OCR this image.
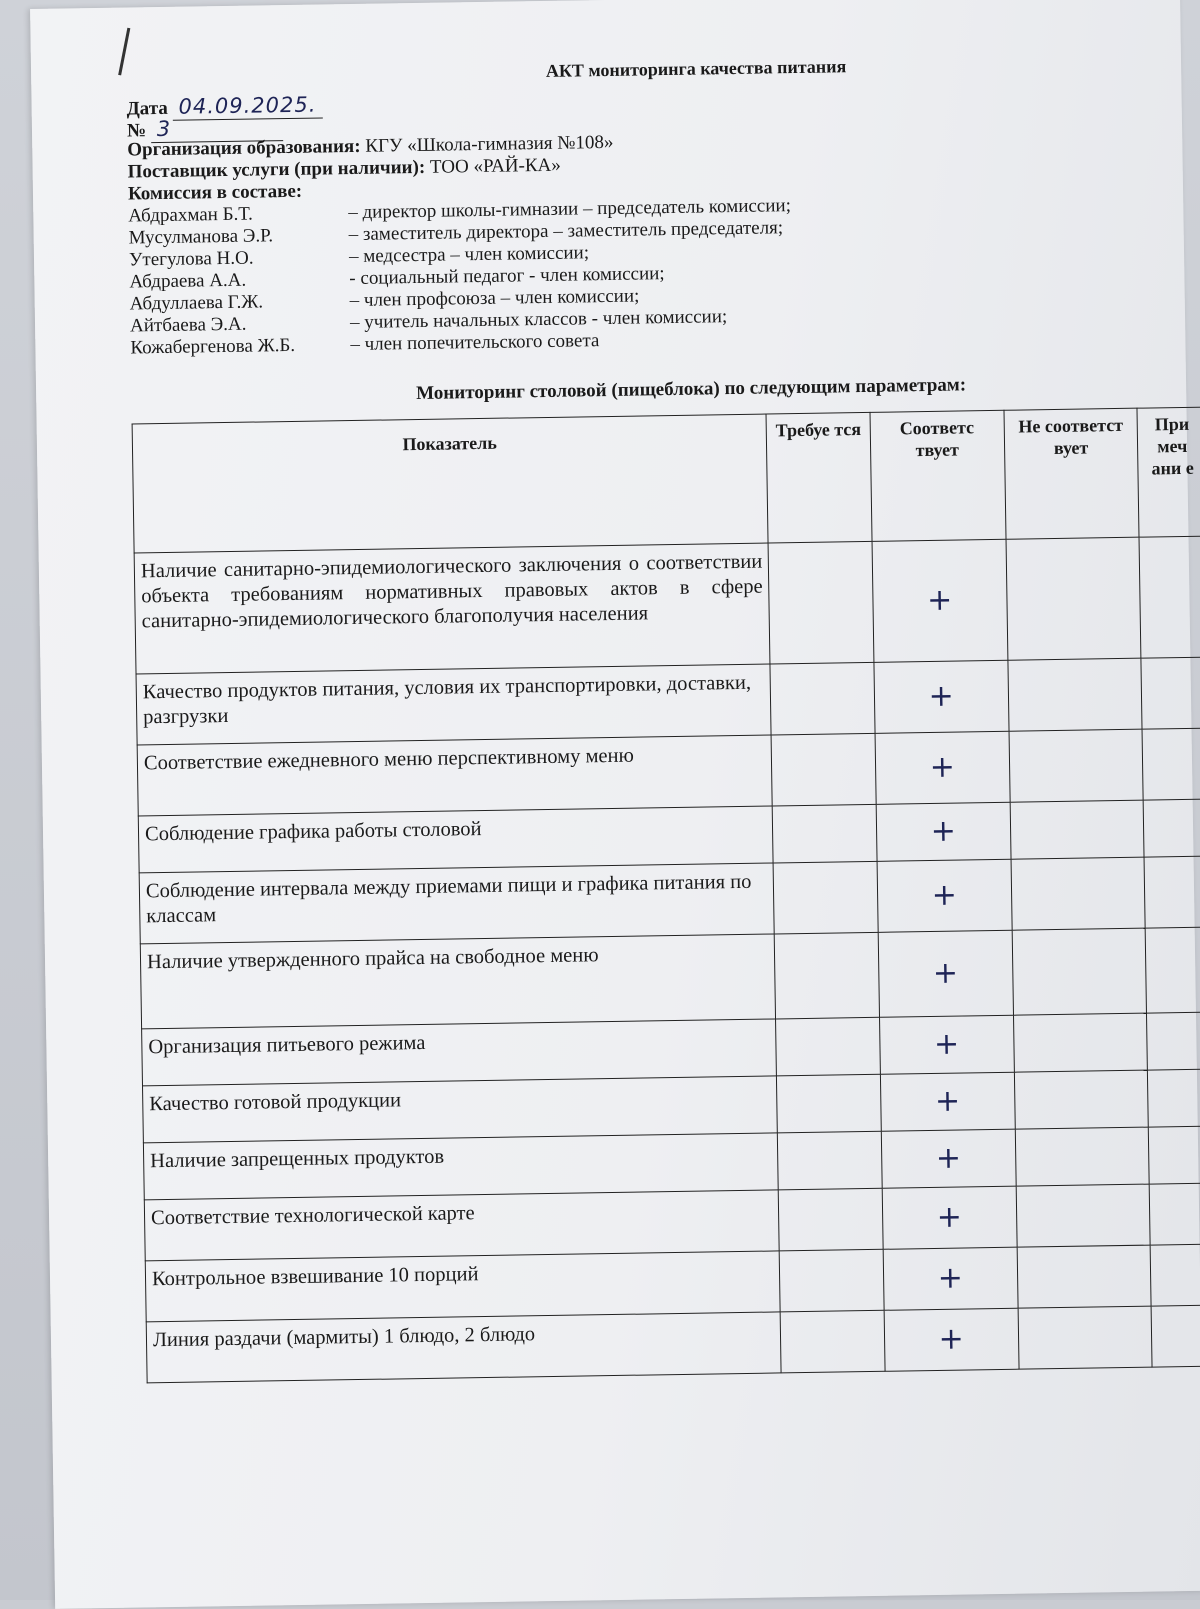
АКТ мониторинга качества питания
Дата 04.09.2025.
№ 3
Организация образования: КГУ «Школа-гимназия №108»
Поставщик услуги (при наличии): ТОО «РАЙ-КА»
Комиссия в составе:
Абдрахман Б.Т.	– директор школы-гимназии – председатель комиссии;
Мусулманова Э.Р.	– заместитель директора – заместитель председателя;
Утегулова Н.О.	– медсестра – член комиссии;
Абдраева А.А.	- социальный педагог - член комиссии;
Абдуллаева Г.Ж.	– член профсоюза – член комиссии;
Айтбаева Э.А.	– учитель начальных классов - член комиссии;
Кожабергенова Ж.Б.	– член попечительского совета
Мониторинг столовой (пищеблока) по следующим параметрам:
Показатель	Требуе тся	Соответс твует	Не соответст вует	При меч ани е
Наличие санитарно-эпидемиологического заключения о соответствии объекта требованиям нормативных правовых актов в сфере санитарно-эпидемиологического благополучия населения		+		
Качество продуктов питания, условия их транспортировки, доставки, разгрузки		+		
Соответствие ежедневного меню перспективному меню		+		
Соблюдение графика работы столовой		+		
Соблюдение интервала между приемами пищи и графика питания по классам		+		
Наличие утвержденного прайса на свободное меню		+		
Организация питьевого режима		+		
Качество готовой продукции		+		
Наличие запрещенных продуктов		+		
Соответствие технологической карте		+		
Контрольное взвешивание 10 порций		+		
Линия раздачи (мармиты) 1 блюдо, 2 блюдо		+		
